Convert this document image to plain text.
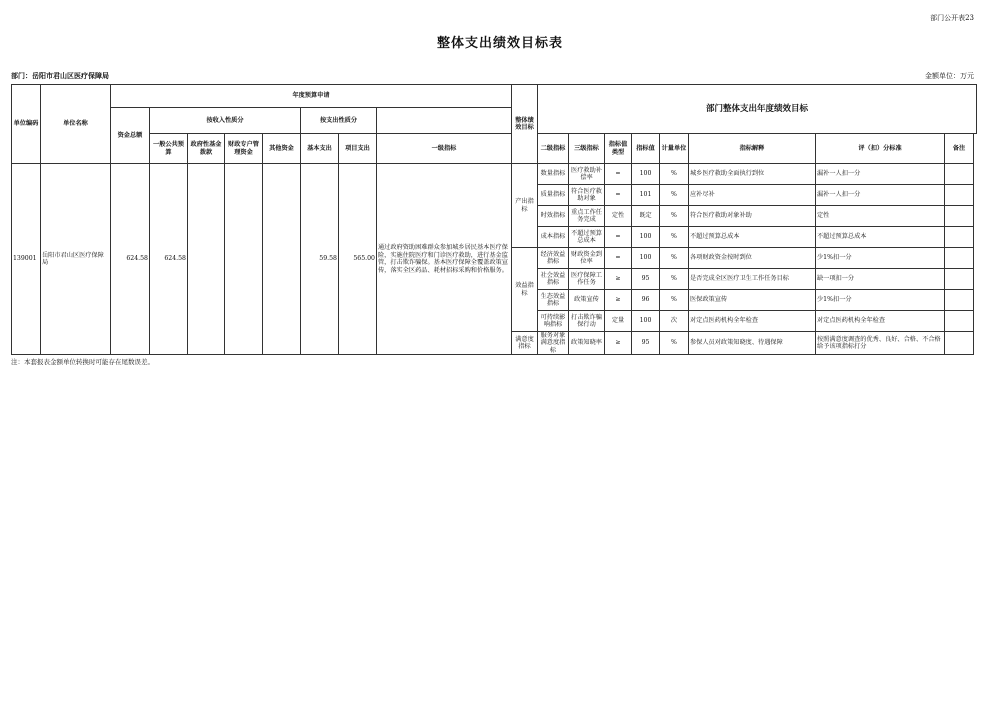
部门公开表23
整体支出绩效目标表
部门：岳阳市君山区医疗保障局	金额单位：万元
单位编码	单位名称	年度预算申请								整体绩效目标	部门整体支出年度绩效目标							
		资金总额	按收入性质分				按支出性质分											
			一般公共预算	政府性基金拨款	财政专户管理资金	其他资金	基本支出	项目支出	一级指标		二级指标	三级指标	指标值类型	指标值	计量单位	指标解释	评（扣）分标准	备注
139001	岳阳市君山区医疗保障局	624.58	624.58				59.58	565.00	通过政府资助困难群众参加城乡居民基本医疗保险，实施住院医疗和门诊医疗救助，进行基金监管，打击欺诈骗保。基本医疗保障全覆盖政策宣传，落实全区药品、耗材招标采购和价格服务。	产出指标	数量指标	医疗救助补偿率	=	100	%	城乡医疗救助全面执行到位	漏补一人扣一分	
											质量指标	符合医疗救助对象	=	101	%	应补尽补	漏补一人扣一分	
											时效指标	重点工作任务完成	定性	既定	%	符合医疗救助对象补助	定性	
											成本指标	不超过预算总成本	=	100	%	不超过预算总成本	不超过预算总成本	
										效益指标	经济效益指标	财政资金到位率	=	100	%	各项财政资金按时到位	少1%扣一分	
											社会效益指标	医疗保障工作任务	≥	95	%	是否完成全区医疗卫生工作任务目标	缺一项扣一分	
											生态效益指标	政策宣传	≥	96	%	医保政策宣传	少1%扣一分	
											可持续影响指标	打击欺诈骗保行动	定量	100	次	对定点医药机构全年检查	对定点医药机构全年检查	
										满意度指标	服务对象满意度指标	政策知晓率	≥	95	%	参保人员对政策知晓度、待遇保障	按照满意度调查的优秀、良好、合格、不合格给予该项指标打分	
注：本套报表金额单位转换时可能存在尾数误差。
